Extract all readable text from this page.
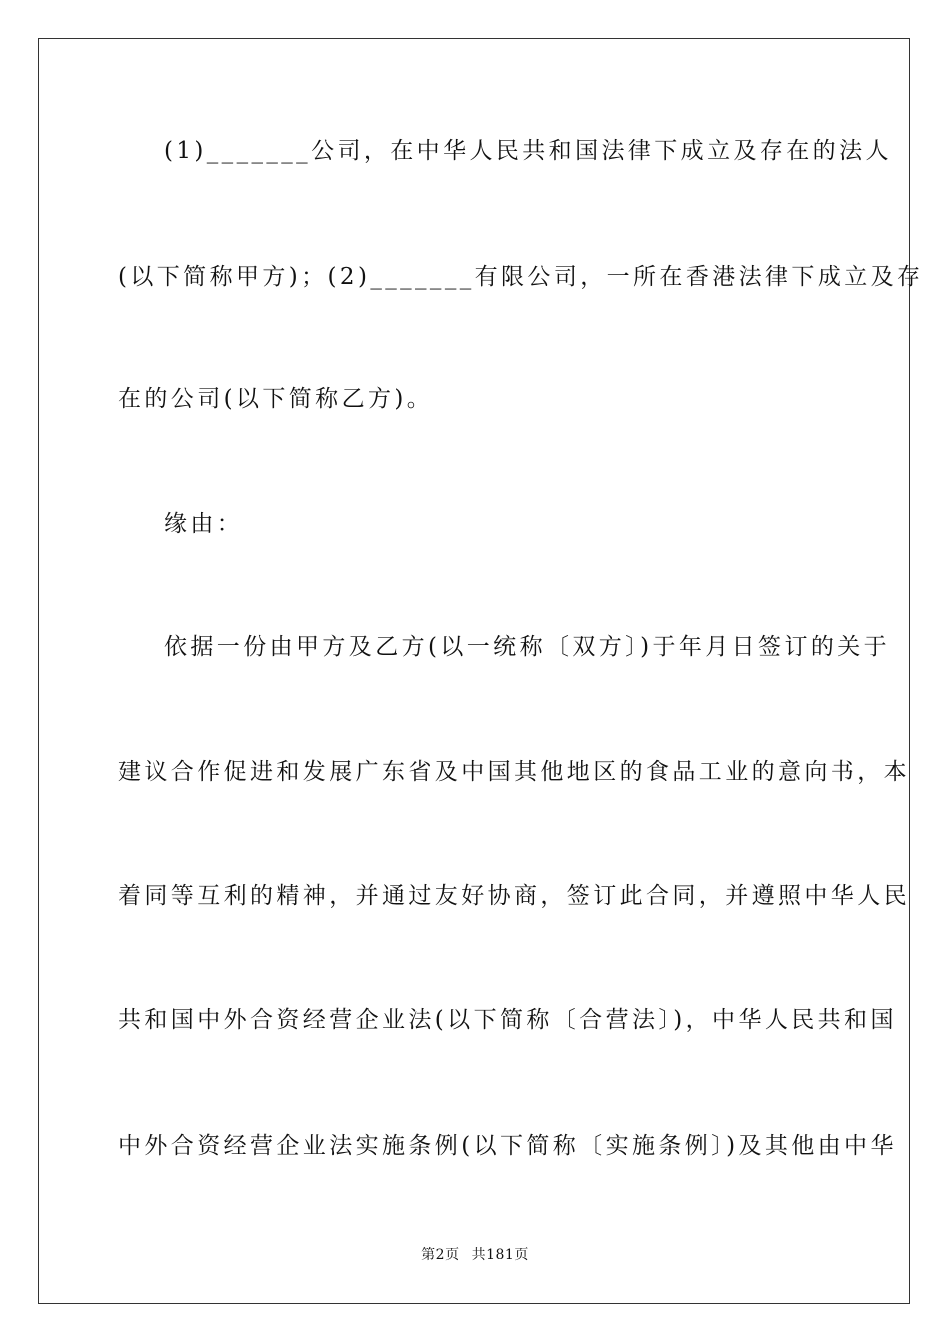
(1)_______公司，在中华人民共和国法律下成立及存在的法人
(以下简称甲方)；(2)_______有限公司，一所在香港法律下成立及存
在的公司(以下简称乙方)。
缘由：
依据一份由甲方及乙方(以一统称〔双方〕)于年月日签订的关于
建议合作促进和发展广东省及中国其他地区的食品工业的意向书，本
着同等互利的精神，并通过友好协商，签订此合同，并遵照中华人民
共和国中外合资经营企业法(以下简称〔合营法〕)，中华人民共和国
中外合资经营企业法实施条例(以下简称〔实施条例〕)及其他由中华
第2页 共181页
